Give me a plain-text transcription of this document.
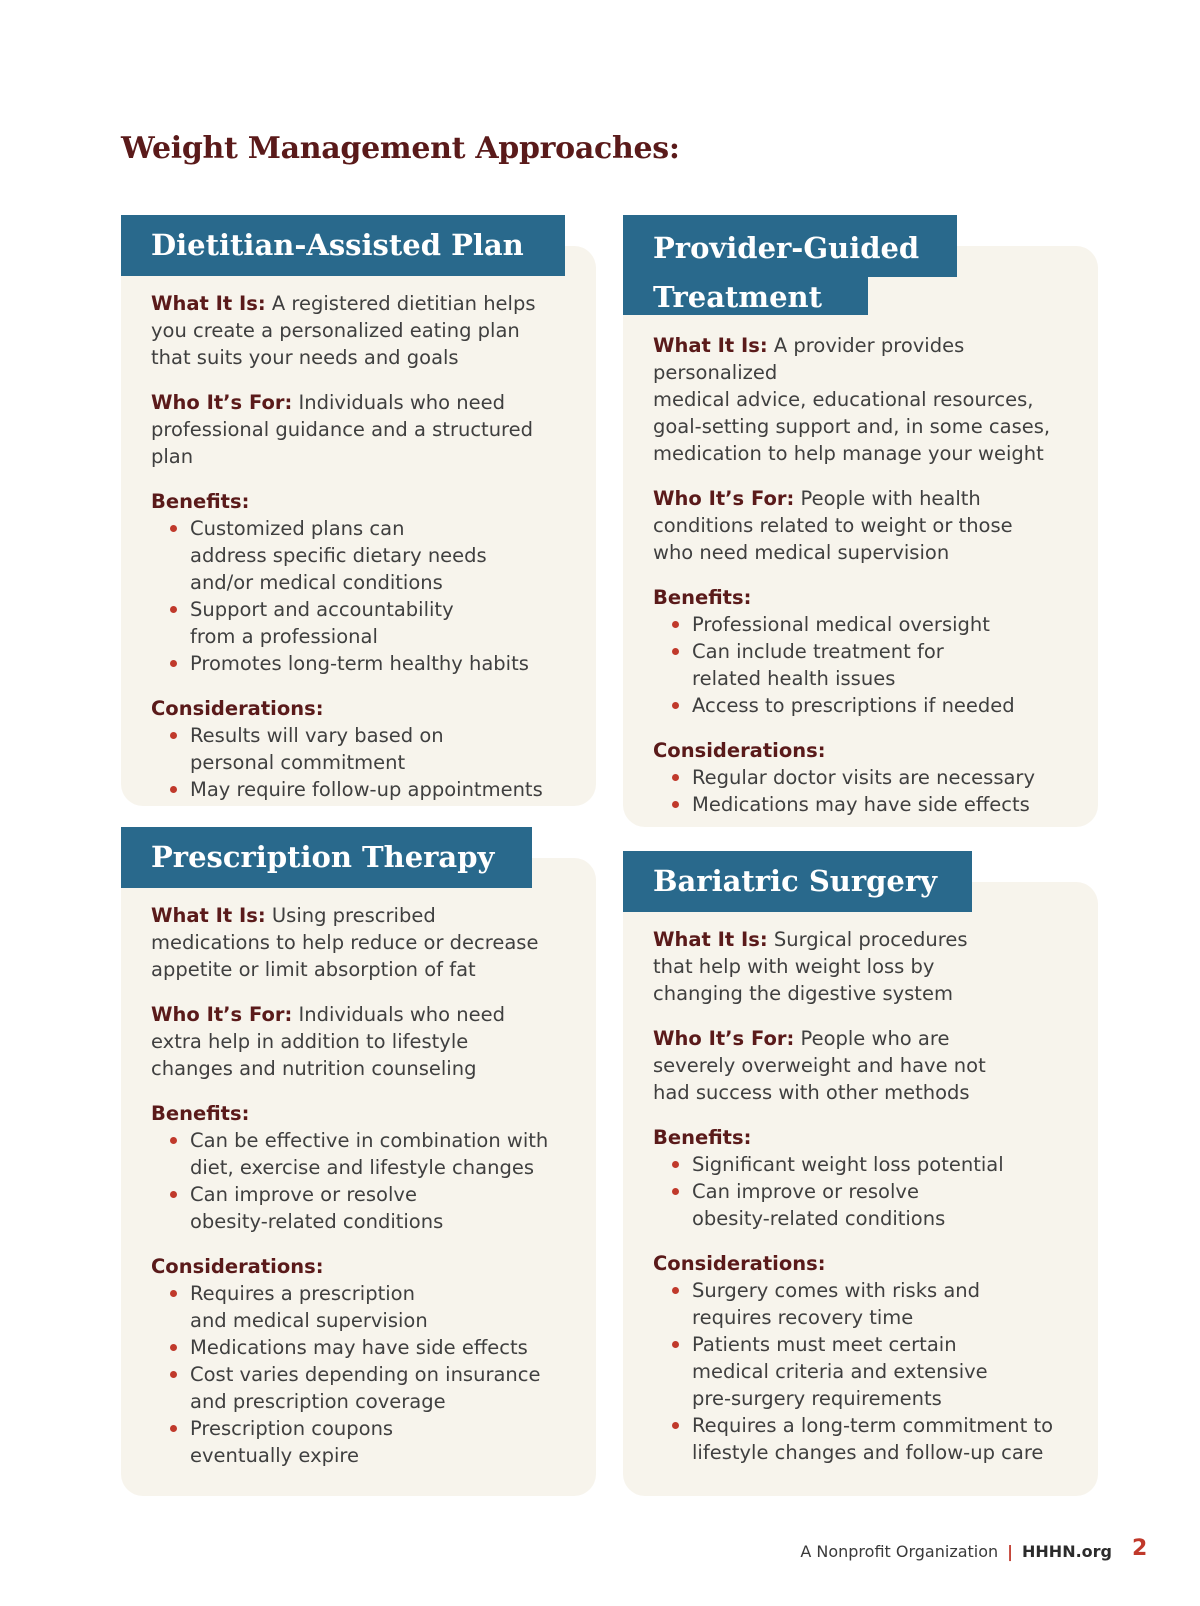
Weight Management Approaches:
Dietitian-Assisted Plan

What It Is: A registered dietitian helps
you create a personalized eating plan
that suits your needs and goals

Who It’s For: Individuals who need
professional guidance and a structured plan

Benefits:

Customized plans can
address specific dietary needs
and/or medical conditions
Support and accountability
from a professional
Promotes long-term healthy habits

Considerations:

Results will vary based on
personal commitment
May require follow-up appointments
Provider-Guided
Treatment

What It Is: A provider provides personalized
medical advice, educational resources,
goal-setting support and, in some cases,
medication to help manage your weight

Who It’s For: People with health
conditions related to weight or those
who need medical supervision

Benefits:

Professional medical oversight
Can include treatment for
related health issues
Access to prescriptions if needed

Considerations:

Regular doctor visits are necessary
Medications may have side effects
Prescription Therapy

What It Is: Using prescribed
medications to help reduce or decrease
appetite or limit absorption of fat

Who It’s For: Individuals who need
extra help in addition to lifestyle
changes and nutrition counseling

Benefits:

Can be effective in combination with
diet, exercise and lifestyle changes
Can improve or resolve
obesity-related conditions

Considerations:

Requires a prescription
and medical supervision
Medications may have side effects
Cost varies depending on insurance
and prescription coverage
Prescription coupons
eventually expire
Bariatric Surgery

What It Is: Surgical procedures
that help with weight loss by
changing the digestive system

Who It’s For: People who are
severely overweight and have not
had success with other methods

Benefits:

Significant weight loss potential
Can improve or resolve
obesity-related conditions

Considerations:

Surgery comes with risks and
requires recovery time
Patients must meet certain
medical criteria and extensive
pre-surgery requirements
Requires a long-term commitment to
lifestyle changes and follow-up care
A Nonprofit Organization | HHHN.org 2
